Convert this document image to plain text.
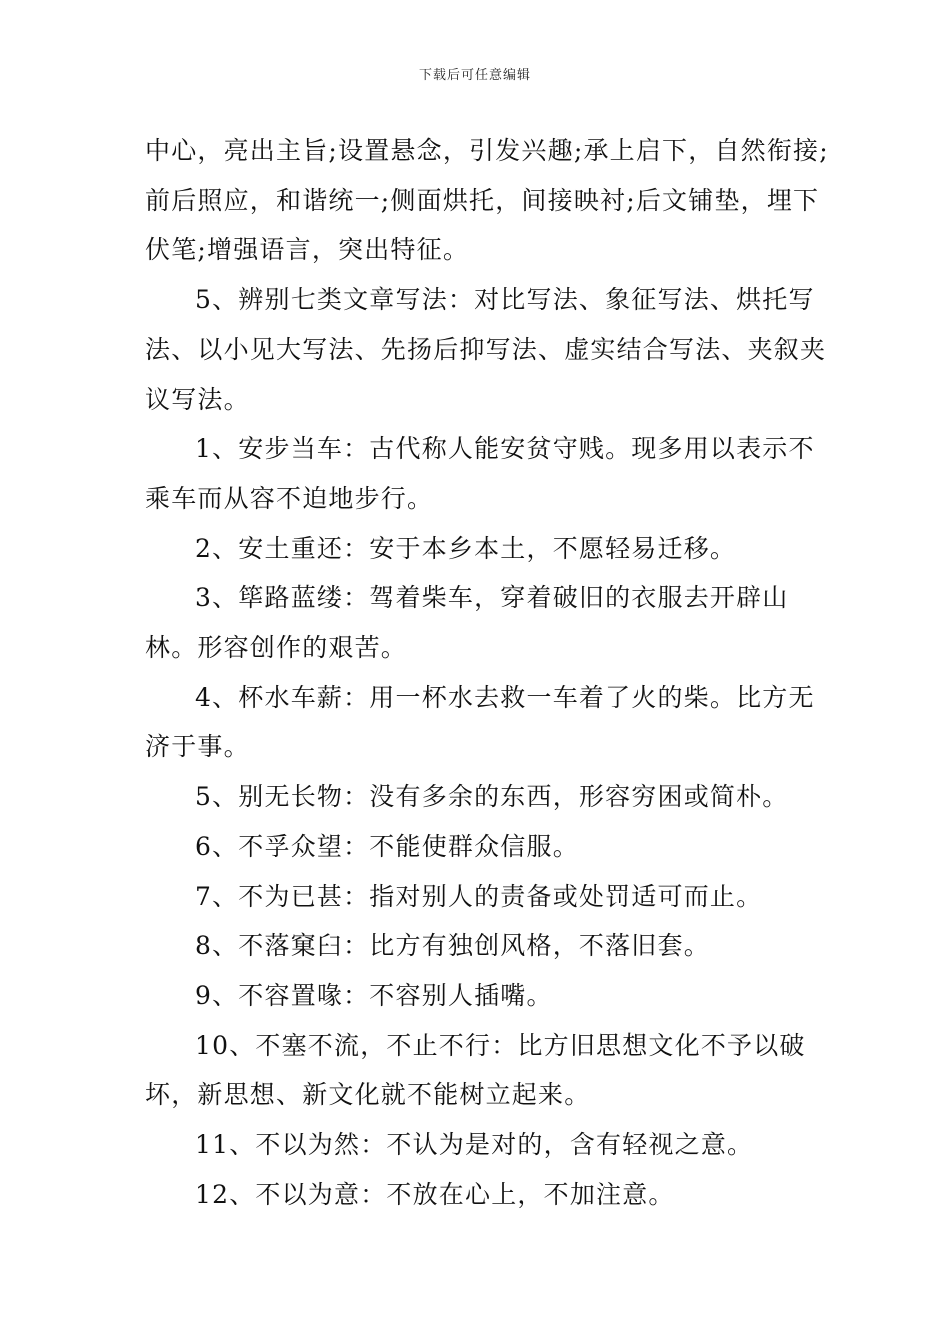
下载后可任意编辑

中心，亮出主旨;设置悬念，引发兴趣;承上启下，自然衔接;前后照应，和谐统一;侧面烘托，间接映衬;后文铺垫，埋下伏笔;增强语言，突出特征。

5、辨别七类文章写法：对比写法、象征写法、烘托写法、以小见大写法、先扬后抑写法、虚实结合写法、夹叙夹议写法。

1、安步当车：古代称人能安贫守贱。现多用以表示不乘车而从容不迫地步行。

2、安土重还：安于本乡本土，不愿轻易迁移。

3、筚路蓝缕：驾着柴车，穿着破旧的衣服去开辟山林。形容创作的艰苦。

4、杯水车薪：用一杯水去救一车着了火的柴。比方无济于事。

5、别无长物：没有多余的东西，形容穷困或简朴。

6、不孚众望：不能使群众信服。

7、不为已甚：指对别人的责备或处罚适可而止。

8、不落窠臼：比方有独创风格，不落旧套。

9、不容置喙：不容别人插嘴。

10、不塞不流，不止不行：比方旧思想文化不予以破坏，新思想、新文化就不能树立起来。

11、不以为然：不认为是对的，含有轻视之意。

12、不以为意：不放在心上，不加注意。
